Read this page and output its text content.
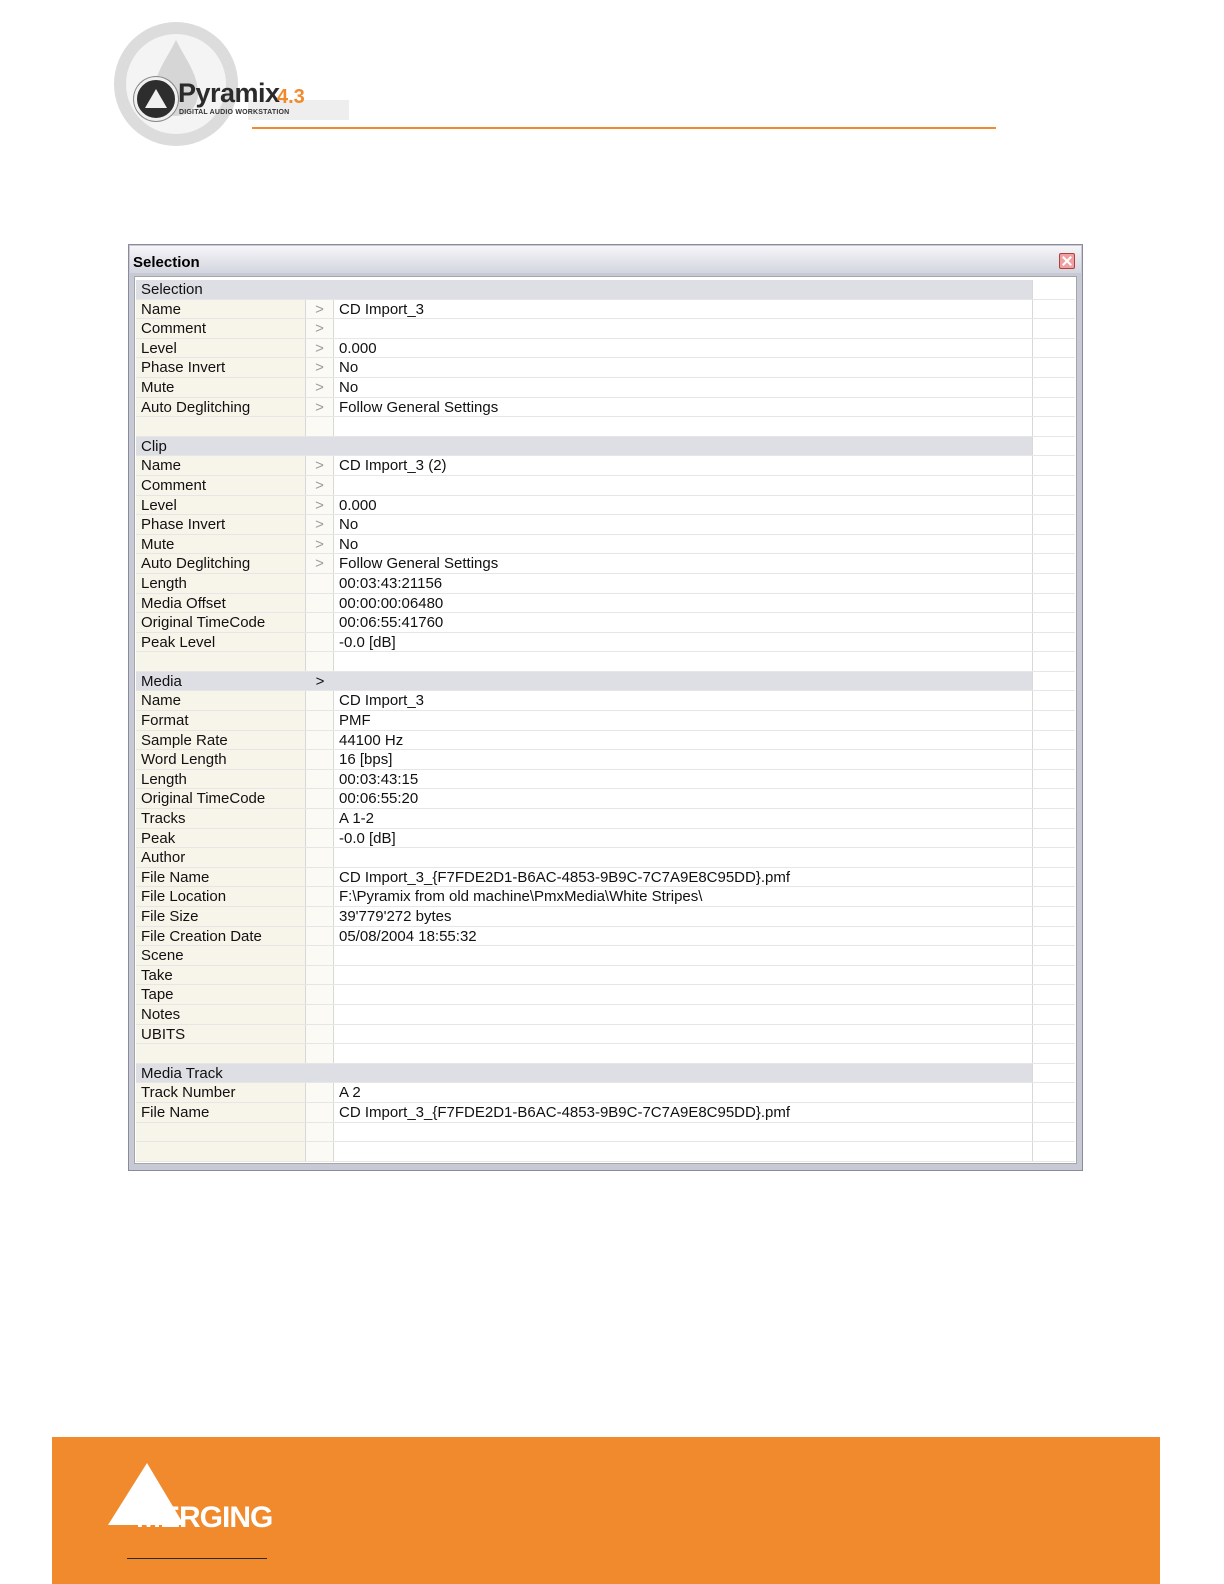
Pyramix
4.3
DIGITAL AUDIO WORKSTATION
Selection
Selection
Name	>	CD Import_3
Comment	>
Level	>	0.000
Phase Invert	>	No
Mute	>	No
Auto Deglitching	>	Follow General Settings
Clip
Name	>	CD Import_3 (2)
Comment	>
Level	>	0.000
Phase Invert	>	No
Mute	>	No
Auto Deglitching	>	Follow General Settings
Length	00:03:43:21156
Media Offset	00:00:00:06480
Original TimeCode	00:06:55:41760
Peak Level	-0.0 [dB]
Media	>
Name	CD Import_3
Format	PMF
Sample Rate	44100 Hz
Word Length	16 [bps]
Length	00:03:43:15
Original TimeCode	00:06:55:20
Tracks	A 1-2
Peak	-0.0 [dB]
Author
File Name	CD Import_3_{F7FDE2D1-B6AC-4853-9B9C-7C7A9E8C95DD}.pmf
File Location	F:\Pyramix from old machine\PmxMedia\White Stripes\
File Size	39'779'272 bytes
File Creation Date	05/08/2004 18:55:32
Scene
Take
Tape
Notes
UBITS
Media Track
Track Number	A 2
File Name	CD Import_3_{F7FDE2D1-B6AC-4853-9B9C-7C7A9E8C95DD}.pmf
MERGING
